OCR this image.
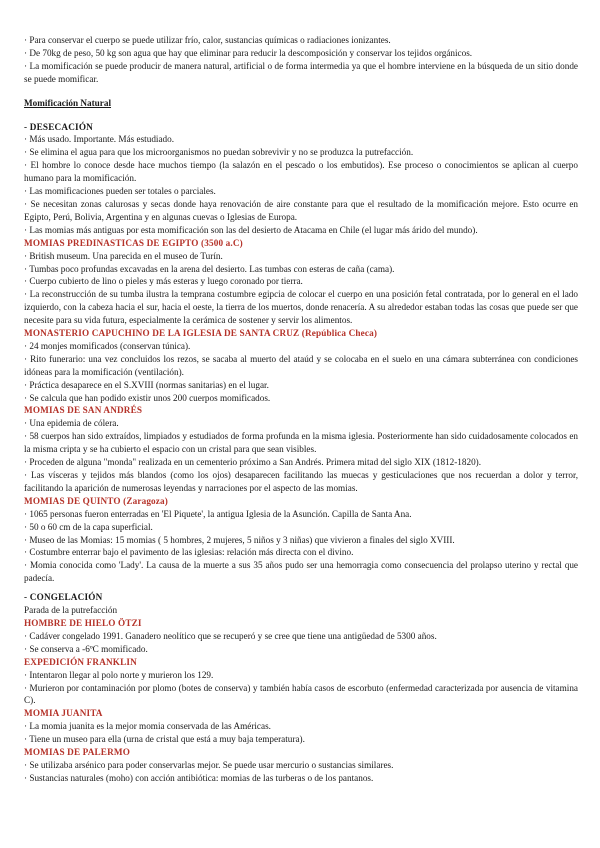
· Para conservar el cuerpo se puede utilizar frío, calor, sustancias químicas o radiaciones ionizantes.

· De 70kg de peso, 50 kg son agua que hay que eliminar para reducir la descomposición y conservar los tejidos orgánicos.

· La momificación se puede producir de manera natural, artificial o de forma intermedia ya que el hombre interviene en la búsqueda de un sitio donde se puede momificar.

Momificación Natural

- DESECACIÓN

· Más usado. Importante. Más estudiado.

· Se elimina el agua para que los microorganismos no puedan sobrevivir y no se produzca la putrefacción.

· El hombre lo conoce desde hace muchos tiempo (la salazón en el pescado o los embutidos). Ese proceso o conocimientos se aplican al cuerpo humano para la momificación.

· Las momificaciones pueden ser totales o parciales.

· Se necesitan zonas calurosas y secas donde haya renovación de aire constante para que el resultado de la momificación mejore. Esto ocurre en Egipto, Perú, Bolivia, Argentina y en algunas cuevas o Iglesias de Europa.

· Las momias más antiguas por esta momificación son las del desierto de Atacama en Chile (el lugar más árido del mundo).

MOMIAS PREDINASTICAS DE EGIPTO (3500 a.C)

· British museum. Una parecida en el museo de Turín.

· Tumbas poco profundas excavadas en la arena del desierto. Las tumbas con esteras de caña (cama).

· Cuerpo cubierto de lino o pieles y más esteras y luego coronado por tierra.

· La reconstrucción de su tumba ilustra la temprana costumbre egipcia de colocar el cuerpo en una posición fetal contratada, por lo general en el lado izquierdo, con la cabeza hacia el sur, hacia el oeste, la tierra de los muertos, donde renacería. A su alrededor estaban todas las cosas que puede ser que necesite para su vida futura, especialmente la cerámica de sostener y servir los alimentos.

MONASTERIO CAPUCHINO DE LA IGLESIA DE SANTA CRUZ (República Checa)

· 24 monjes momificados (conservan túnica).

· Rito funerario: una vez concluidos los rezos, se sacaba al muerto del ataúd y se colocaba en el suelo en una cámara subterránea con condiciones idóneas para la momificación (ventilación).

· Práctica desaparece en el S.XVIII (normas sanitarias) en el lugar.

· Se calcula que han podido existir unos 200 cuerpos momificados.

MOMIAS DE SAN ANDRÉS

· Una epidemia de cólera.

· 58 cuerpos han sido extraídos, limpiados y estudiados de forma profunda en la misma iglesia. Posteriormente han sido cuidadosamente colocados en la misma cripta y se ha cubierto el espacio con un cristal para que sean visibles.

· Proceden de alguna "monda" realizada en un cementerio próximo a San Andrés. Primera mitad del siglo XIX (1812-1820).

· Las vísceras y tejidos más blandos (como los ojos) desaparecen facilitando las muecas y gesticulaciones que nos recuerdan a dolor y terror, facilitando la aparición de numerosas leyendas y narraciones por el aspecto de las momias.

MOMIAS DE QUINTO (Zaragoza)

· 1065 personas fueron enterradas en 'El Piquete', la antigua Iglesia de la Asunción. Capilla de Santa Ana.

· 50 o 60 cm de la capa superficial.

· Museo de las Momias: 15 momias ( 5 hombres, 2 mujeres, 5 niños y 3 niñas) que vivieron a finales del siglo XVIII.

· Costumbre enterrar bajo el pavimento de las iglesias: relación más directa con el divino.

· Momia conocida como 'Lady'. La causa de la muerte a sus 35 años pudo ser una hemorragia como consecuencia del prolapso uterino y rectal que padecía.

- CONGELACIÓN

Parada de la putrefacción

HOMBRE DE HIELO ÖTZI

· Cadáver congelado 1991. Ganadero neolítico que se recuperó y se cree que tiene una antigüedad de 5300 años.

· Se conserva a -6ºC momificado.

EXPEDICIÓN FRANKLIN

· Intentaron llegar al polo norte y murieron los 129.

· Murieron por contaminación por plomo (botes de conserva) y también había casos de escorbuto (enfermedad caracterizada por ausencia de vitamina C).

MOMIA JUANITA

· La momia juanita es la mejor momia conservada de las Américas.

· Tiene un museo para ella (urna de cristal que está a muy baja temperatura).

MOMIAS DE PALERMO

· Se utilizaba arsénico para poder conservarlas mejor. Se puede usar mercurio o sustancias similares.

· Sustancias naturales (moho) con acción antibiótica: momias de las turberas o de los pantanos.
